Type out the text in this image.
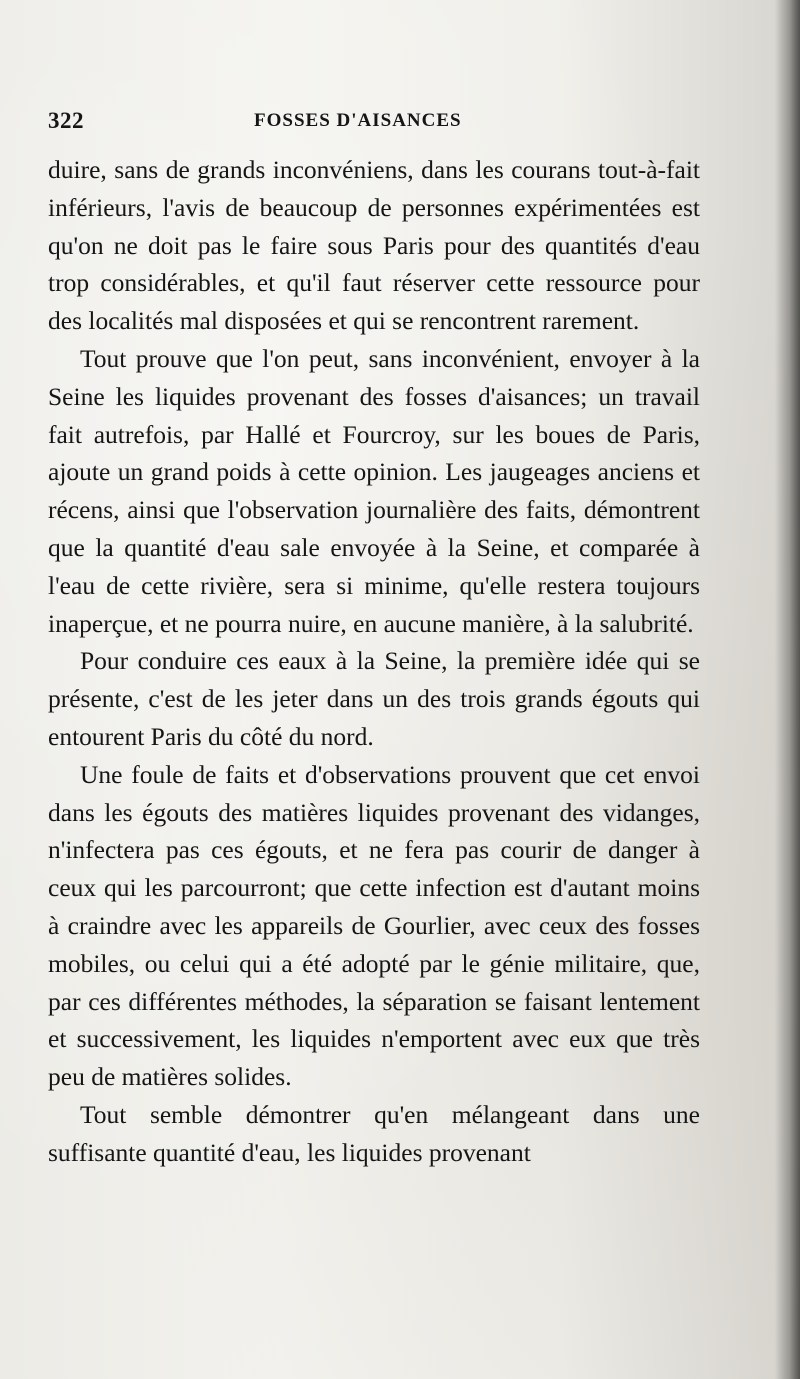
322	FOSSES D'AISANCES

duire, sans de grands inconvéniens, dans les courans tout-à-fait inférieurs, l'avis de beaucoup de personnes expérimentées est qu'on ne doit pas le faire sous Paris pour des quantités d'eau trop considérables, et qu'il faut réserver cette ressource pour des localités mal disposées et qui se rencontrent rarement.

Tout prouve que l'on peut, sans inconvénient, envoyer à la Seine les liquides provenant des fosses d'aisances; un travail fait autrefois, par Hallé et Fourcroy, sur les boues de Paris, ajoute un grand poids à cette opinion. Les jaugeages anciens et récens, ainsi que l'observation journalière des faits, démontrent que la quantité d'eau sale envoyée à la Seine, et comparée à l'eau de cette rivière, sera si minime, qu'elle restera toujours inaperçue, et ne pourra nuire, en aucune manière, à la salubrité.

Pour conduire ces eaux à la Seine, la première idée qui se présente, c'est de les jeter dans un des trois grands égouts qui entourent Paris du côté du nord.

Une foule de faits et d'observations prouvent que cet envoi dans les égouts des matières liquides provenant des vidanges, n'infectera pas ces égouts, et ne fera pas courir de danger à ceux qui les parcourront; que cette infection est d'autant moins à craindre avec les appareils de Gourlier, avec ceux des fosses mobiles, ou celui qui a été adopté par le génie militaire, que, par ces différentes méthodes, la séparation se faisant lentement et successivement, les liquides n'emportent avec eux que très peu de matières solides.

Tout semble démontrer qu'en mélangeant dans une suffisante quantité d'eau, les liquides provenant
